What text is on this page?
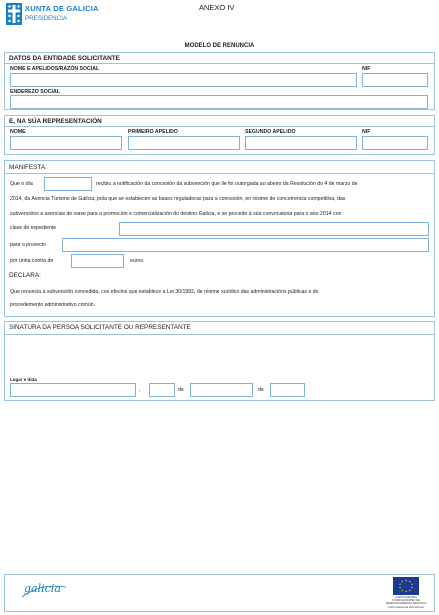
XUNTA DE GALICIA
PRESIDENCIA
ANEXO IV
MODELO DE RENUNCIA
DATOS DA ENTIDADE SOLICITANTE
NOME E APELIDOS/RAZÓN SOCIAL	NIF
ENDEREZO SOCIAL
E, NA SÚA REPRESENTACIÓN
NOME	PRIMEIRO APELIDO	SEGUNDO APELIDO	NIF
MANIFESTA:
Que o día	recibiu a notificación da concesión da subvención que lle foi outorgada ao abeiro da Resolución do 4 de marzo de
2014, da Axencia Turismo de Galicia, pola que se establecen as bases reguladoras para a concesión, en réxime de concorrencia competitiva, das
subvencións a axencias de viaxe para a promoción e comercialización do destino Galicia, e se procede á súa convocatoria para o ano 2014 con
clave de expediente
para o proxecto
por unha contía de	euros.
DECLARA:
Que renuncia á subvención concedida, cos efectos que establece a Lei 30/1992, de réxime xurídico das administracións públicas e do
procedemento administrativo común.
SINATURA DA PERSOA SOLICITANTE OU REPRESENTANTE
Lugar e data
,	de	de
galicia
UNIÓN EUROPEA
FONDO EUROPEO DE
DESENVOLVEMENTO REXIONAL
Unha maneira de facer Europa
